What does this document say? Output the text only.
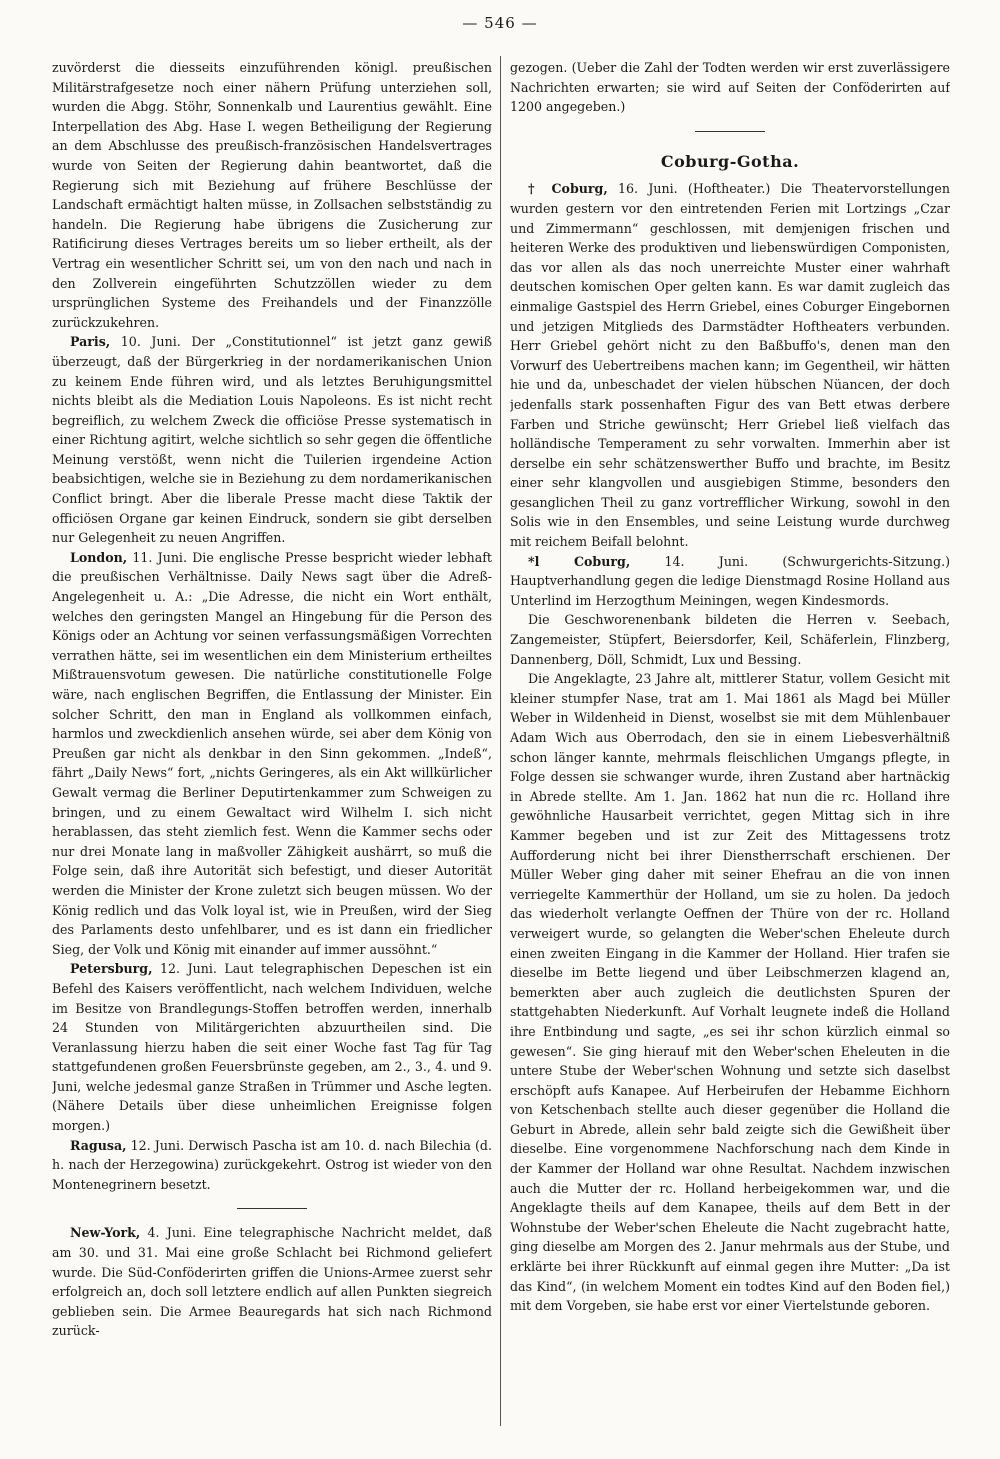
— 546 —

zuvörderst die diesseits einzuführenden königl. preußischen Militärstrafgesetze noch einer nähern Prüfung unterziehen soll, wurden die Abgg. Stöhr, Sonnenkalb und Laurentius gewählt. Eine Interpellation des Abg. Hase I. wegen Betheiligung der Regierung an dem Abschlusse des preußisch-französischen Handelsvertrages wurde von Seiten der Regierung dahin beantwortet, daß die Regierung sich mit Beziehung auf frühere Beschlüsse der Landschaft ermächtigt halten müsse, in Zollsachen selbstständig zu handeln. Die Regierung habe übrigens die Zusicherung zur Ratificirung dieses Vertrages bereits um so lieber ertheilt, als der Vertrag ein wesentlicher Schritt sei, um von den nach und nach in den Zollverein eingeführten Schutzzöllen wieder zu dem ursprünglichen Systeme des Freihandels und der Finanzzölle zurückzukehren.

Paris, 10. Juni. Der „Constitutionnel“ ist jetzt ganz gewiß überzeugt, daß der Bürgerkrieg in der nordamerikanischen Union zu keinem Ende führen wird, und als letztes Beruhigungsmittel nichts bleibt als die Mediation Louis Napoleons. Es ist nicht recht begreiflich, zu welchem Zweck die officiöse Presse systematisch in einer Richtung agitirt, welche sichtlich so sehr gegen die öffentliche Meinung verstößt, wenn nicht die Tuilerien irgendeine Action beabsichtigen, welche sie in Beziehung zu dem nordamerikanischen Conflict bringt. Aber die liberale Presse macht diese Taktik der officiösen Organe gar keinen Eindruck, sondern sie gibt derselben nur Gelegenheit zu neuen Angriffen.

London, 11. Juni. Die englische Presse bespricht wieder lebhaft die preußischen Verhältnisse. Daily News sagt über die Adreß-Angelegenheit u. A.: „Die Adresse, die nicht ein Wort enthält, welches den geringsten Mangel an Hingebung für die Person des Königs oder an Achtung vor seinen verfassungsmäßigen Vorrechten verrathen hätte, sei im wesentlichen ein dem Ministerium ertheiltes Mißtrauensvotum gewesen. Die natürliche constitutionelle Folge wäre, nach englischen Begriffen, die Entlassung der Minister. Ein solcher Schritt, den man in England als vollkommen einfach, harmlos und zweckdienlich ansehen würde, sei aber dem König von Preußen gar nicht als denkbar in den Sinn gekommen. „Indeß“, fährt „Daily News“ fort, „nichts Geringeres, als ein Akt willkürlicher Gewalt vermag die Berliner Deputirtenkammer zum Schweigen zu bringen, und zu einem Gewaltact wird Wilhelm I. sich nicht herablassen, das steht ziemlich fest. Wenn die Kammer sechs oder nur drei Monate lang in maßvoller Zähigkeit aushärrt, so muß die Folge sein, daß ihre Autorität sich befestigt, und dieser Autorität werden die Minister der Krone zuletzt sich beugen müssen. Wo der König redlich und das Volk loyal ist, wie in Preußen, wird der Sieg des Parlaments desto unfehlbarer, und es ist dann ein friedlicher Sieg, der Volk und König mit einander auf immer aussöhnt.“

Petersburg, 12. Juni. Laut telegraphischen Depeschen ist ein Befehl des Kaisers veröffentlicht, nach welchem Individuen, welche im Besitze von Brandlegungs-Stoffen betroffen werden, innerhalb 24 Stunden von Militärgerichten abzuurtheilen sind. Die Veranlassung hierzu haben die seit einer Woche fast Tag für Tag stattgefundenen großen Feuersbrünste gegeben, am 2., 3., 4. und 9. Juni, welche jedesmal ganze Straßen in Trümmer und Asche legten. (Nähere Details über diese unheimlichen Ereignisse folgen morgen.)

Ragusa, 12. Juni. Derwisch Pascha ist am 10. d. nach Bilechia (d. h. nach der Herzegowina) zurückgekehrt. Ostrog ist wieder von den Montenegrinern besetzt.

New-York, 4. Juni. Eine telegraphische Nachricht meldet, daß am 30. und 31. Mai eine große Schlacht bei Richmond geliefert wurde. Die Süd-Conföderirten griffen die Unions-Armee zuerst sehr erfolgreich an, doch soll letztere endlich auf allen Punkten siegreich geblieben sein. Die Armee Beauregards hat sich nach Richmond zurück-

gezogen. (Ueber die Zahl der Todten werden wir erst zuverlässigere Nachrichten erwarten; sie wird auf Seiten der Conföderirten auf 1200 angegeben.)

Coburg-Gotha.

† Coburg, 16. Juni. (Hoftheater.) Die Theatervorstellungen wurden gestern vor den eintretenden Ferien mit Lortzings „Czar und Zimmermann“ geschlossen, mit demjenigen frischen und heiteren Werke des produktiven und liebenswürdigen Componisten, das vor allen als das noch unerreichte Muster einer wahrhaft deutschen komischen Oper gelten kann. Es war damit zugleich das einmalige Gastspiel des Herrn Griebel, eines Coburger Eingebornen und jetzigen Mitglieds des Darmstädter Hoftheaters verbunden. Herr Griebel gehört nicht zu den Baßbuffo's, denen man den Vorwurf des Uebertreibens machen kann; im Gegentheil, wir hätten hie und da, unbeschadet der vielen hübschen Nüancen, der doch jedenfalls stark possenhaften Figur des van Bett etwas derbere Farben und Striche gewünscht; Herr Griebel ließ vielfach das holländische Temperament zu sehr vorwalten. Immerhin aber ist derselbe ein sehr schätzenswerther Buffo und brachte, im Besitz einer sehr klangvollen und ausgiebigen Stimme, besonders den gesanglichen Theil zu ganz vortrefflicher Wirkung, sowohl in den Solis wie in den Ensembles, und seine Leistung wurde durchweg mit reichem Beifall belohnt.

*l Coburg, 14. Juni. (Schwurgerichts-Sitzung.) Hauptverhandlung gegen die ledige Dienstmagd Rosine Holland aus Unterlind im Herzogthum Meiningen, wegen Kindesmords.

Die Geschworenenbank bildeten die Herren v. Seebach, Zangemeister, Stüpfert, Beiersdorfer, Keil, Schäferlein, Flinzberg, Dannenberg, Döll, Schmidt, Lux und Bessing.

Die Angeklagte, 23 Jahre alt, mittlerer Statur, vollem Gesicht mit kleiner stumpfer Nase, trat am 1. Mai 1861 als Magd bei Müller Weber in Wildenheid in Dienst, woselbst sie mit dem Mühlenbauer Adam Wich aus Oberrodach, den sie in einem Liebesverhältniß schon länger kannte, mehrmals fleischlichen Umgangs pflegte, in Folge dessen sie schwanger wurde, ihren Zustand aber hartnäckig in Abrede stellte. Am 1. Jan. 1862 hat nun die rc. Holland ihre gewöhnliche Hausarbeit verrichtet, gegen Mittag sich in ihre Kammer begeben und ist zur Zeit des Mittagessens trotz Aufforderung nicht bei ihrer Dienstherrschaft erschienen. Der Müller Weber ging daher mit seiner Ehefrau an die von innen verriegelte Kammerthür der Holland, um sie zu holen. Da jedoch das wiederholt verlangte Oeffnen der Thüre von der rc. Holland verweigert wurde, so gelangten die Weber'schen Eheleute durch einen zweiten Eingang in die Kammer der Holland. Hier trafen sie dieselbe im Bette liegend und über Leibschmerzen klagend an, bemerkten aber auch zugleich die deutlichsten Spuren der stattgehabten Niederkunft. Auf Vorhalt leugnete indeß die Holland ihre Entbindung und sagte, „es sei ihr schon kürzlich einmal so gewesen“. Sie ging hierauf mit den Weber'schen Eheleuten in die untere Stube der Weber'schen Wohnung und setzte sich daselbst erschöpft aufs Kanapee. Auf Herbeirufen der Hebamme Eichhorn von Ketschenbach stellte auch dieser gegenüber die Holland die Geburt in Abrede, allein sehr bald zeigte sich die Gewißheit über dieselbe. Eine vorgenommene Nachforschung nach dem Kinde in der Kammer der Holland war ohne Resultat. Nachdem inzwischen auch die Mutter der rc. Holland herbeigekommen war, und die Angeklagte theils auf dem Kanapee, theils auf dem Bett in der Wohnstube der Weber'schen Eheleute die Nacht zugebracht hatte, ging dieselbe am Morgen des 2. Janur mehrmals aus der Stube, und erklärte bei ihrer Rückkunft auf einmal gegen ihre Mutter: „Da ist das Kind“, (in welchem Moment ein todtes Kind auf den Boden fiel,) mit dem Vorgeben, sie habe erst vor einer Viertelstunde geboren.
